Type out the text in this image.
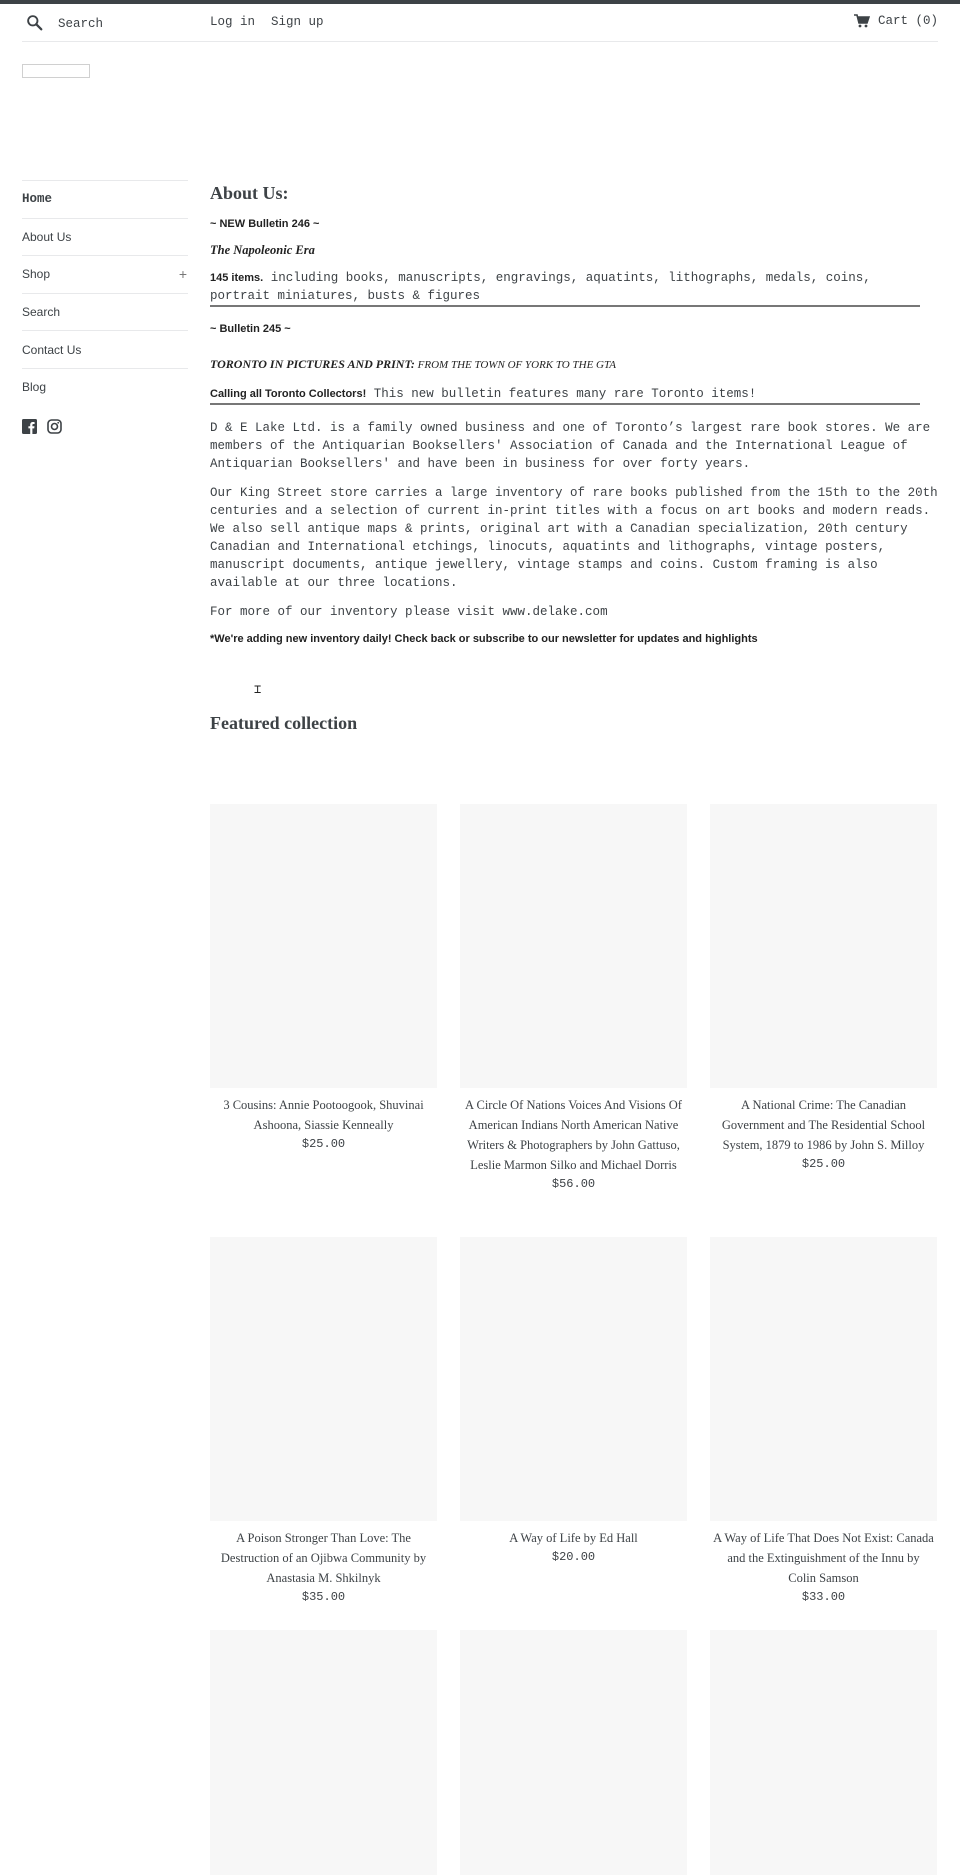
Search
Log in Sign up	Cart (0)
Home
About Us
Shop	+
Search
Contact Us
Blog
About Us:
~ NEW Bulletin 246 ~
The Napoleonic Era

145 items. including books, manuscripts, engravings, aquatints, lithographs, medals, coins, portrait miniatures, busts & figures

~ Bulletin 245 ~
TORONTO IN PICTURES AND PRINT: FROM THE TOWN OF YORK TO THE GTA

Calling all Toronto Collectors! This new bulletin features many rare Toronto items!

D & E Lake Ltd. is a family owned business and one of Toronto’s largest rare book stores. We are members of the Antiquarian Booksellers' Association of Canada and the International League of Antiquarian Booksellers' and have been in business for over forty years.

Our King Street store carries a large inventory of rare books published from the 15th to the 20th centuries and a selection of current in-print titles with a focus on art books and modern reads. We also sell antique maps & prints, original art with a Canadian specialization, 20th century Canadian and International etchings, linocuts, aquatints and lithographs, vintage posters, manuscript documents, antique jewellery, vintage stamps and coins. Custom framing is also available at our three locations.

For more of our inventory please visit www.delake.com

*We're adding new inventory daily! Check back or subscribe to our newsletter for updates and highlights
⌶
Featured collection
3 Cousins: Annie Pootoogook, Shuvinai Ashoona, Siassie Kenneally
$25.00
A Circle Of Nations Voices And Visions Of American Indians North American Native Writers & Photographers by John Gattuso, Leslie Marmon Silko and Michael Dorris
$56.00
A National Crime: The Canadian Government and The Residential School System, 1879 to 1986 by John S. Milloy
$25.00
A Poison Stronger Than Love: The Destruction of an Ojibwa Community by Anastasia M. Shkilnyk
$35.00
A Way of Life by Ed Hall
$20.00
A Way of Life That Does Not Exist: Canada and the Extinguishment of the Innu by Colin Samson
$33.00
